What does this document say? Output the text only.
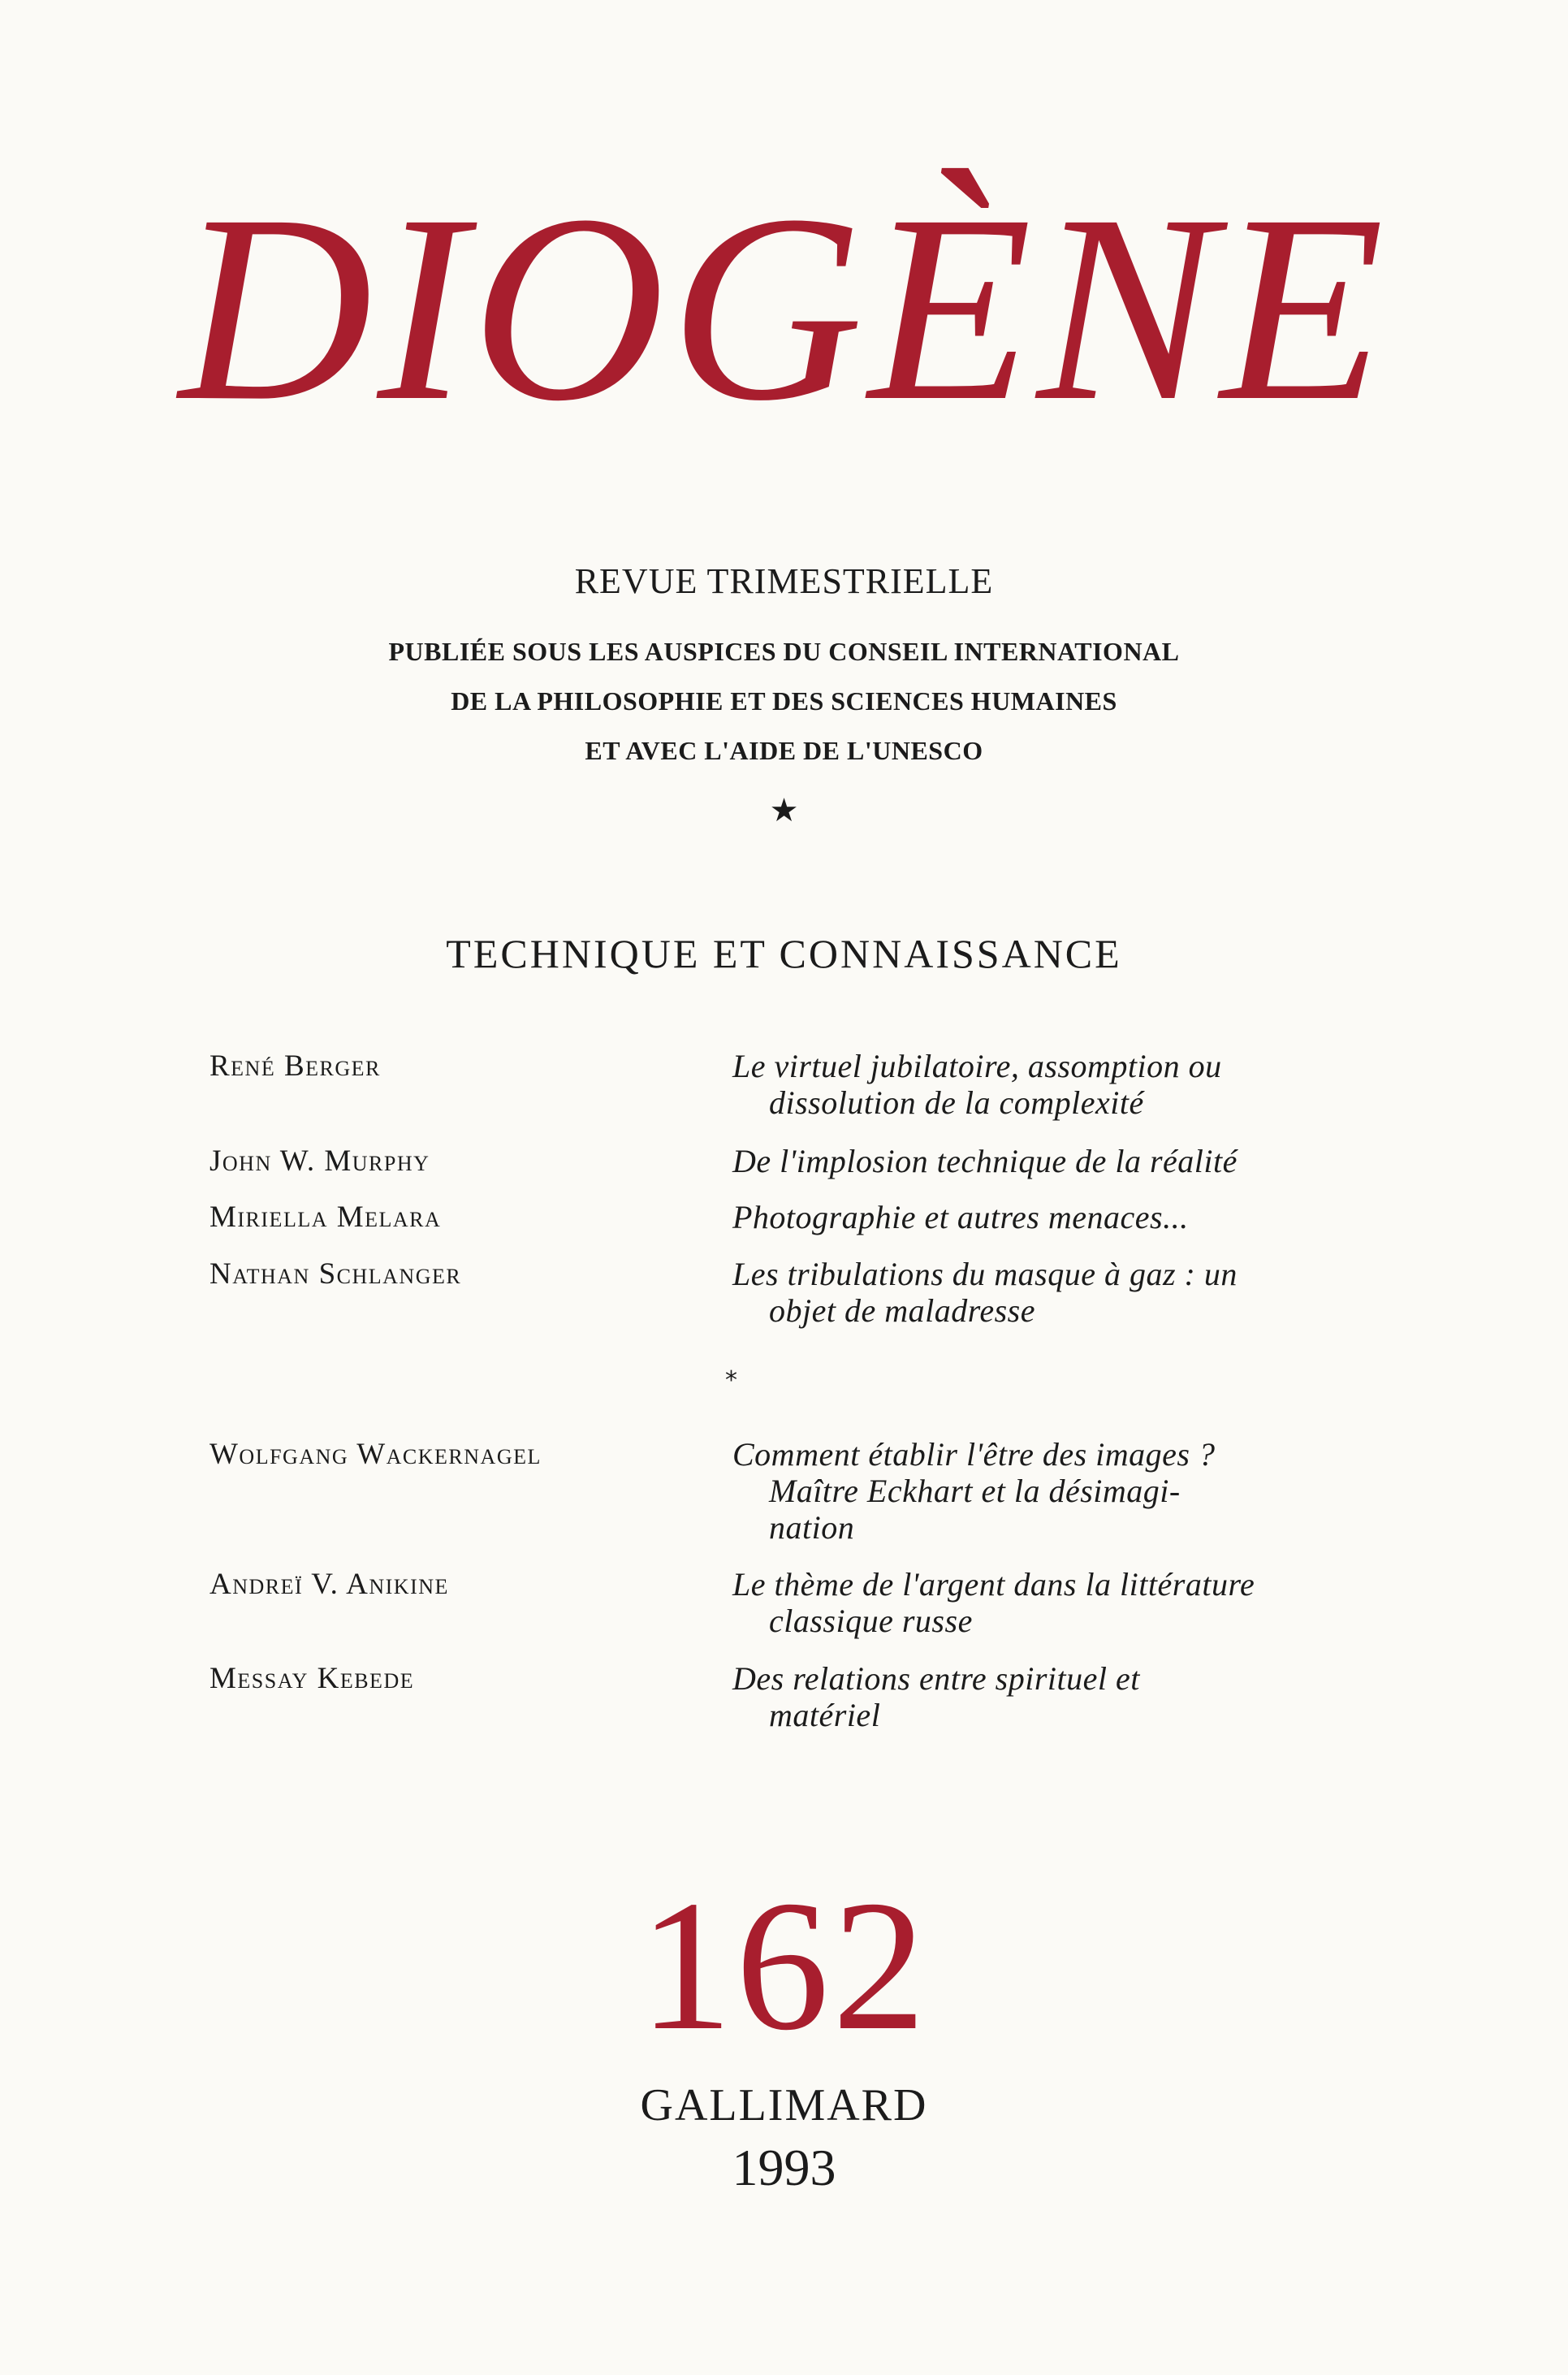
DIOGÈNE
REVUE TRIMESTRIELLE
PUBLIÉE SOUS LES AUSPICES DU CONSEIL INTERNATIONAL
DE LA PHILOSOPHIE ET DES SCIENCES HUMAINES
ET AVEC L'AIDE DE L'UNESCO
★
TECHNIQUE ET CONNAISSANCE
René Berger	Le virtuel jubilatoire, assomption ou
dissolution de la complexité
John W. Murphy	De l'implosion technique de la réalité
Miriella Melara	Photographie et autres menaces...
Nathan Schlanger	Les tribulations du masque à gaz : un
objet de maladresse
*
Wolfgang Wackernagel	Comment établir l'être des images ?
Maître Eckhart et la désimagi-
nation
Andreï V. Anikine	Le thème de l'argent dans la littérature
classique russe
Messay Kebede	Des relations entre spirituel et
matériel
162
GALLIMARD
1993
